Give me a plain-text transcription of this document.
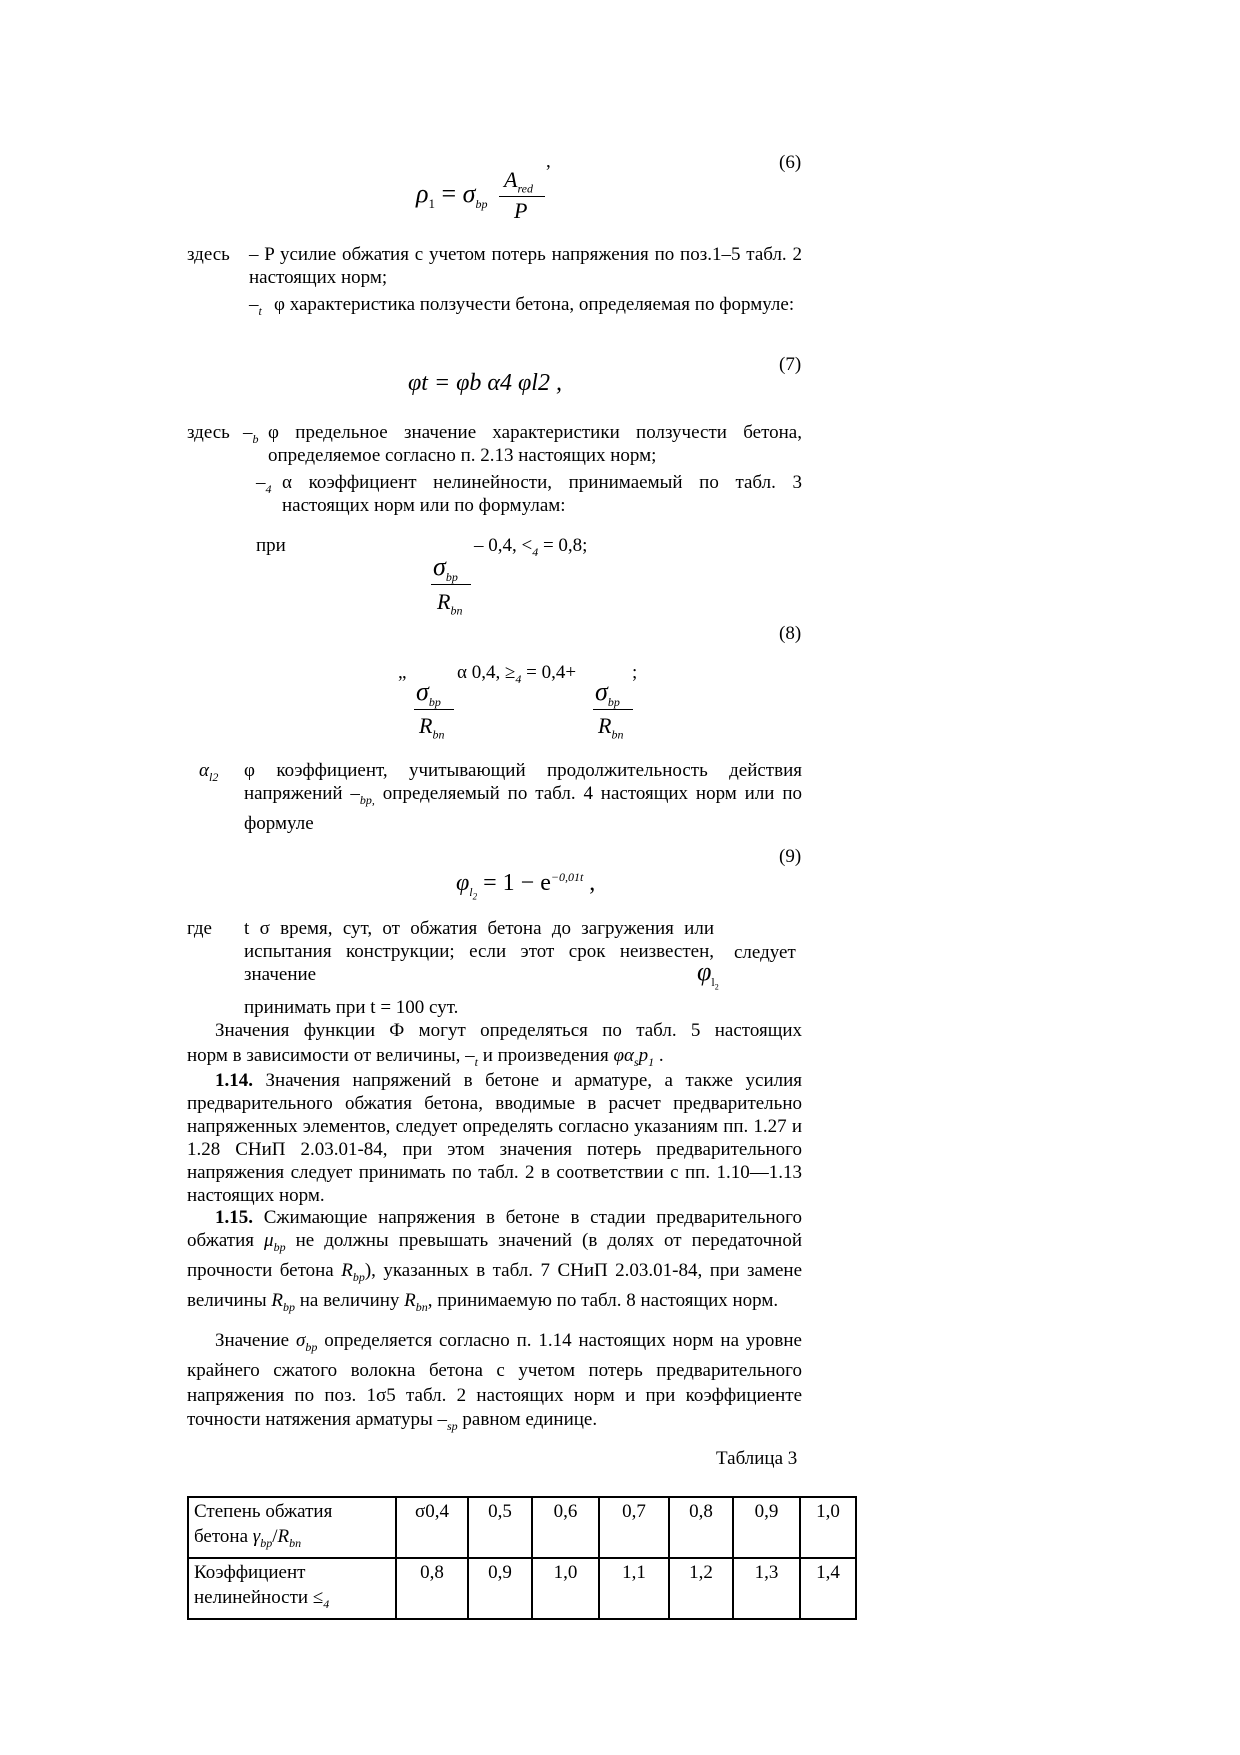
,	(6)
$\rho_1 = \sigma_{bp}$
$A_{red}$
P
здесь – P усилие обжатия с учетом потерь напряжения по поз.1–5 табл. 2 настоящих норм;
$-_t$ φ характеристика ползучести бетона, определяемая по формуле:
(7)
φt = φb α4 φl2 ,
здесь $-_b$ φ предельное значение характеристики ползучести бетона, определяемое согласно п. 2.13 настоящих норм;
$-_4$ α коэффициент нелинейности, принимаемый по табл. 3 настоящих норм или по формулам:
при	– 0,4, $<_4 = 0,8$;
$\sigma_{bp}$
$R_{bn}$
(8)
„	α 0,4, $\ge_4 = 0,4+$	;
$\sigma_{bp}$
$R_{bn}$
$\sigma_{bp}$
$R_{bn}$
$\alpha_{l2}$ φ коэффициент, учитывающий продолжительность действия напряжений $-_{bp,}$ определяемый по табл. 4 настоящих норм или по формуле
(9)
$\varphi_{l_2} = 1 - e^{-0,01t}$ ,
где t σ время, сут, от обжатия бетона до загружения или испытания конструкции; если этот срок неизвестен, значение
следует
$\varphi_{l_2}$
принимать при t = 100 сут.
Значения функции Ф могут определяться по табл. 5 настоящих
норм в зависимости от величины, $-_t$ и произведения $\varphi\alpha_sp_1$ .
1.14. Значения напряжений в бетоне и арматуре, а также усилия предварительного обжатия бетона, вводимые в расчет предварительно напряженных элементов, следует определять согласно указаниям пп. 1.27 и 1.28 СНиП 2.03.01-84, при этом значения потерь предварительного напряжения следует принимать по табл. 2 в соответствии с пп. 1.10—1.13 настоящих норм.
1.15. Сжимающие напряжения в бетоне в стадии предварительного обжатия $\mu_{bp}$ не должны превышать значений (в долях от передаточной прочности бетона $R_{bp}$), указанных в табл. 7 СНиП 2.03.01-84, при замене величины $R_{bp}$ на величину $R_{bn}$, принимаемую по табл. 8 настоящих норм.
Значение $\sigma_{bp}$ определяется согласно п. 1.14 настоящих норм на уровне крайнего сжатого волокна бетона с учетом потерь предварительного напряжения по поз. 1σ5 табл. 2 настоящих норм и при коэффициенте точности натяжения арматуры $-_{sp}$ равном единице.
Таблица 3
Степень обжатия
бетона $\gamma_{bp}/R_{bn}$	σ0,4	0,5	0,6	0,7	0,8	0,9	1,0
Коэффициент
нелинейности $\le_4$	0,8	0,9	1,0	1,1	1,2	1,3	1,4
